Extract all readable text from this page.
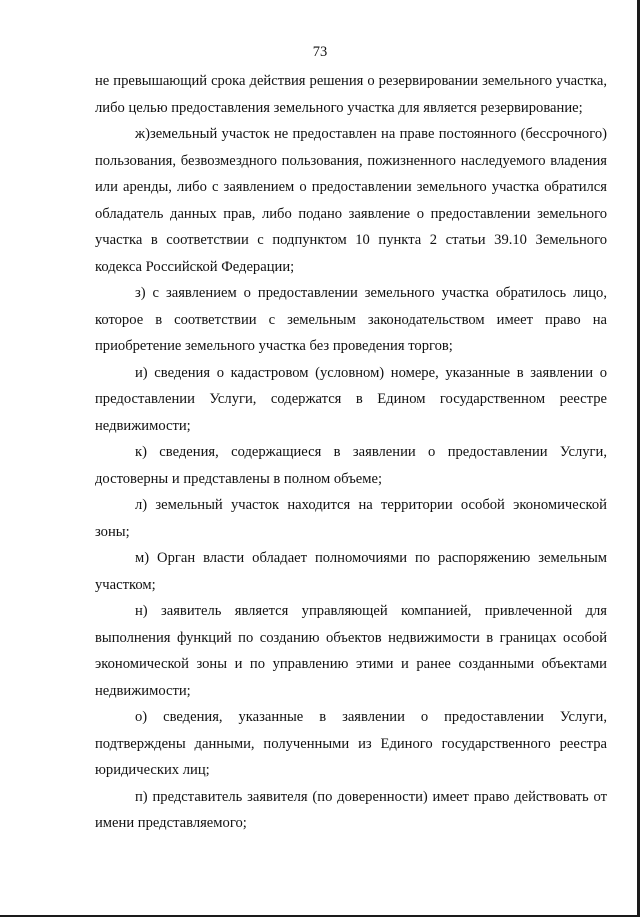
73

не превышающий срока действия решения о резервировании земельного участка, либо целью предоставления земельного участка для является резервирование;

ж)земельный участок не предоставлен на праве постоянного (бессрочного) пользования, безвозмездного пользования, пожизненного наследуемого владения или аренды, либо с заявлением о предоставлении земельного участка обратился обладатель данных прав, либо подано заявление о предоставлении земельного участка в соответствии с подпунктом 10 пункта 2 статьи 39.10 Земельного кодекса Российской Федерации;

з) с заявлением о предоставлении земельного участка обратилось лицо, которое в соответствии с земельным законодательством имеет право на приобретение земельного участка без проведения торгов;

и) сведения о кадастровом (условном) номере, указанные в заявлении о предоставлении Услуги, содержатся в Едином государственном реестре недвижимости;

к) сведения, содержащиеся в заявлении о предоставлении Услуги, достоверны и представлены в полном объеме;

л) земельный участок находится на территории особой экономической зоны;

м) Орган власти обладает полномочиями по распоряжению земельным участком;

н) заявитель является управляющей компанией, привлеченной для выполнения функций по созданию объектов недвижимости в границах особой экономической зоны и по управлению этими и ранее созданными объектами недвижимости;

о) сведения, указанные в заявлении о предоставлении Услуги, подтверждены данными, полученными из Единого государственного реестра юридических лиц;

п) представитель заявителя (по доверенности) имеет право действовать от имени представляемого;
